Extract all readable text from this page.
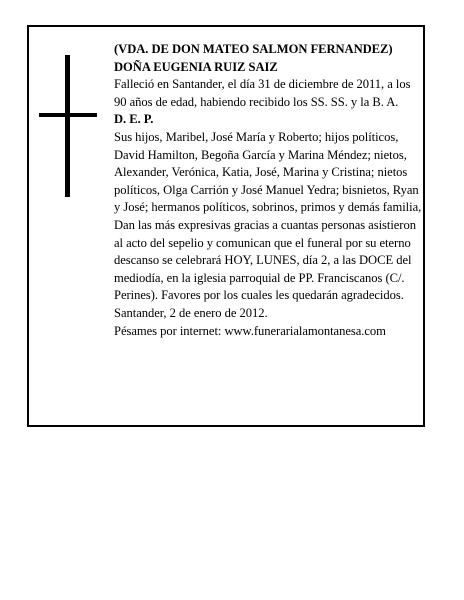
(VDA. DE DON MATEO SALMON FERNANDEZ)

DOÑA EUGENIA RUIZ SAIZ

Falleció en Santander, el día 31 de diciembre de 2011, a los 90 años de edad, habiendo recibido los SS. SS. y la B. A.

D. E. P.

Sus hijos, Maribel, José María y Roberto; hijos políticos, David Hamilton, Begoña García y Marina Méndez; nietos, Alexander, Verónica, Katia, José, Marina y Cristina; nietos políticos, Olga Carrión y José Manuel Yedra; bisnietos, Ryan y José; hermanos políticos, sobrinos, primos y demás familia,

Dan las más expresivas gracias a cuantas personas asistieron al acto del sepelio y comunican que el funeral por su eterno descanso se celebrará HOY, LUNES, día 2, a las DOCE del mediodía, en la iglesia parroquial de PP. Franciscanos (C/. Perines). Favores por los cuales les quedarán agradecidos.

Santander, 2 de enero de 2012.

Pésames por internet: www.funerarialamontanesa.com
